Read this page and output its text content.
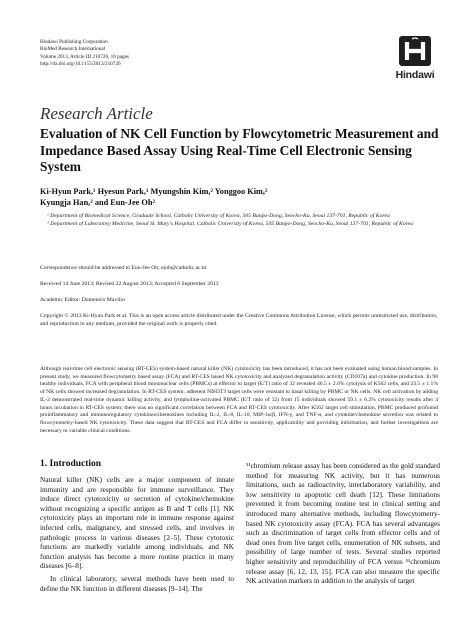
Hindawi Publishing Corporation
BioMed Research International
Volume 2013, Article ID 210726, 10 pages
http://dx.doi.org/10.1155/2013/210726
Hindawi
Research Article
Evaluation of NK Cell Function by Flowcytometric Measurement and Impedance Based Assay Using Real-Time Cell Electronic Sensing System
Ki-Hyun Park,¹ Hyesun Park,¹ Myungshin Kim,² Yonggoo Kim,²
Kyungja Han,² and Eun-Jee Oh²
¹ Department of Biomedical Science, Graduate School, Catholic University of Korea, 505 Banpo-Dong, Seocho-Ku, Seoul 137-701, Republic of Korea
² Department of Laboratory Medicine, Seoul St. Mary's Hospital, Catholic University of Korea, 505 Banpo-Dong, Seocho-Ku, Seoul 137-701, Republic of Korea
Correspondence should be addressed to Eun-Jee Oh; ejoh@catholic.ac.kr
Received 14 June 2013; Revised 22 August 2013; Accepted 6 September 2013
Academic Editor: Domenico Mavilio
Copyright © 2013 Ki-Hyun Park et al. This is an open access article distributed under the Creative Commons Attribution License, which permits unrestricted use, distribution, and reproduction in any medium, provided the original work is properly cited.
Although real-time cell electronic sensing (RT-CES) system-based natural killer (NK) cytotoxicity has been introduced, it has not been evaluated using human blood samples. In present study, we measured flowcytometry based assay (FCA) and RT-CES based NK cytotoxicity and analyzed degranulation activity (CD107a) and cytokine production. In 98 healthy individuals, FCA with peripheral blood mononuclear cells (PBMCs) at effector to target (E/T) ratio of 32 revealed 46.5 ± 2.6% cytolysis of K562 cells, and 23.5 ± 1.1% of NK cells showed increased degranulation. In RT-CES system, adherent NIH3T3 target cells were resistant to basal killing by PBMC or NK cells. NK cell activation by adding IL-2 demonstrated real-time dynamic killing activity, and lympholine-activated PBMC (E/T ratio of 32) from 15 individuals showed 59.1 ± 6.2% cytotoxicity results after 4 hours incubation in RT-CES system; there was no significant correlation between FCA and RT-CES cytotoxicity. After K562 target cell stimulation, PBMC produced profound proinflammatory and immunoregulatory cytokines/chemokines including IL-2, IL-8, IL-10, MIP-1α/β, IFN-γ, and TNF-α, and cytokine/chemokine secretion was related to flowcytometry-based NK cytotoxicity. These data suggest that RT-CES and FCA differ in sensitivity, applicability and providing information, and further investigations are necessary in variable clinical conditions.
1. Introduction

Natural killer (NK) cells are a major component of innate immunity and are responsible for immune surveillance. They induce direct cytotoxicity or secretion of cytokine/chemokine without recognizing a specific antigen as B and T cells [1]. NK cytotoxicity plays an important role in immune response against infected cells, malignancy, and stressed cells, and involves in pathologic process in various diseases [2–5]. These cytotoxic functions are markedly variable among individuals, and NK function analysis has become a more routine practice in many diseases [6–8].

In clinical laboratory, several methods have been used to define the NK function in different diseases [9–14]. The

⁵¹chromium release assay has been considered as the gold standard method for measuring NK activity, but it has numerous limitations, such as radioactivity, interlaboratory variability, and low sensitivity to apoptotic cell death [12]. These limitations prevented it from becoming routine test in clinical setting and introduced many alternative methods, including flowcytometry-based NK cytotoxicity assay (FCA). FCA has several advantages such as discrimination of target cells from effector cells and of dead ones from live target cells, enumeration of NK subsets, and possibility of large number of tests. Several studies reported higher sensitivity and reproducibility of FCA versus ⁵¹chromium release assay [6, 12, 13, 15]. FCA can also measure the specific NK activation markers in addition to the analysis of target
